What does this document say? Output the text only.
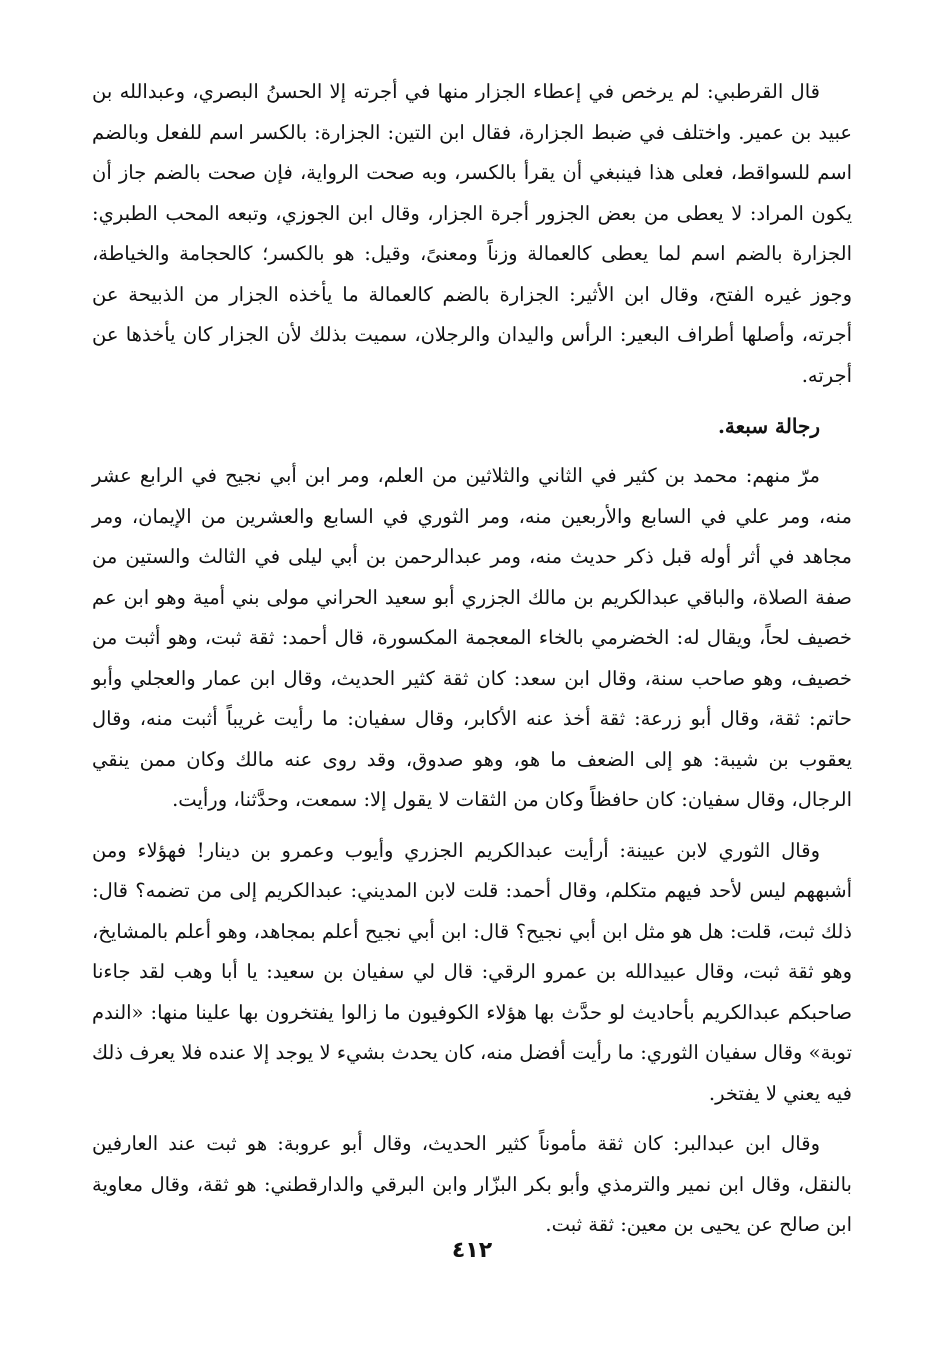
قال القرطبي: لم يرخص في إعطاء الجزار منها في أجرته إلا الحسنُ البصري، وعبدالله بن عبيد بن عمير. واختلف في ضبط الجزارة، فقال ابن التين: الجزارة: بالكسر اسم للفعل وبالضم اسم للسواقط، فعلى هذا فينبغي أن يقرأ بالكسر، وبه صحت الرواية، فإن صحت بالضم جاز أن يكون المراد: لا يعطى من بعض الجزور أجرة الجزار، وقال ابن الجوزي، وتبعه المحب الطبري: الجزارة بالضم اسم لما يعطى كالعمالة وزناً ومعنىً، وقيل: هو بالكسر؛ كالحجامة والخياطة، وجوز غيره الفتح، وقال ابن الأثير: الجزارة بالضم كالعمالة ما يأخذه الجزار من الذبيحة عن أجرته، وأصلها أطراف البعير: الرأس واليدان والرجلان، سميت بذلك لأن الجزار كان يأخذها عن أجرته.

رجالة سبعة.

مرّ منهم: محمد بن كثير في الثاني والثلاثين من العلم، ومر ابن أبي نجيح في الرابع عشر منه، ومر علي في السابع والأربعين منه، ومر الثوري في السابع والعشرين من الإيمان، ومر مجاهد في أثر أوله قبل ذكر حديث منه، ومر عبدالرحمن بن أبي ليلى في الثالث والستين من صفة الصلاة، والباقي عبدالكريم بن مالك الجزري أبو سعيد الحراني مولى بني أمية وهو ابن عم خصيف لحاً، ويقال له: الخضرمي بالخاء المعجمة المكسورة، قال أحمد: ثقة ثبت، وهو أثبت من خصيف، وهو صاحب سنة، وقال ابن سعد: كان ثقة كثير الحديث، وقال ابن عمار والعجلي وأبو حاتم: ثقة، وقال أبو زرعة: ثقة أخذ عنه الأكابر، وقال سفيان: ما رأيت غريباً أثبت منه، وقال يعقوب بن شيبة: هو إلى الضعف ما هو، وهو صدوق، وقد روى عنه مالك وكان ممن ينقي الرجال، وقال سفيان: كان حافظاً وكان من الثقات لا يقول إلا: سمعت، وحدَّثنا، ورأيت.

وقال الثوري لابن عيينة: أرأيت عبدالكريم الجزري وأيوب وعمرو بن دينار! فهؤلاء ومن أشبههم ليس لأحد فيهم متكلم، وقال أحمد: قلت لابن المديني: عبدالكريم إلى من تضمه؟ قال: ذلك ثبت، قلت: هل هو مثل ابن أبي نجيح؟ قال: ابن أبي نجيح أعلم بمجاهد، وهو أعلم بالمشايخ، وهو ثقة ثبت، وقال عبيدالله بن عمرو الرقي: قال لي سفيان بن سعيد: يا أبا وهب لقد جاءنا صاحبكم عبدالكريم بأحاديث لو حدَّث بها هؤلاء الكوفيون ما زالوا يفتخرون بها علينا منها: «الندم توبة» وقال سفيان الثوري: ما رأيت أفضل منه، كان يحدث بشيء لا يوجد إلا عنده فلا يعرف ذلك فيه يعني لا يفتخر.

وقال ابن عبدالبر: كان ثقة مأموناً كثير الحديث، وقال أبو عروبة: هو ثبت عند العارفين بالنقل، وقال ابن نمير والترمذي وأبو بكر البزّار وابن البرقي والدارقطني: هو ثقة، وقال معاوية ابن صالح عن يحيى بن معين: ثقة ثبت.

٤١٢
